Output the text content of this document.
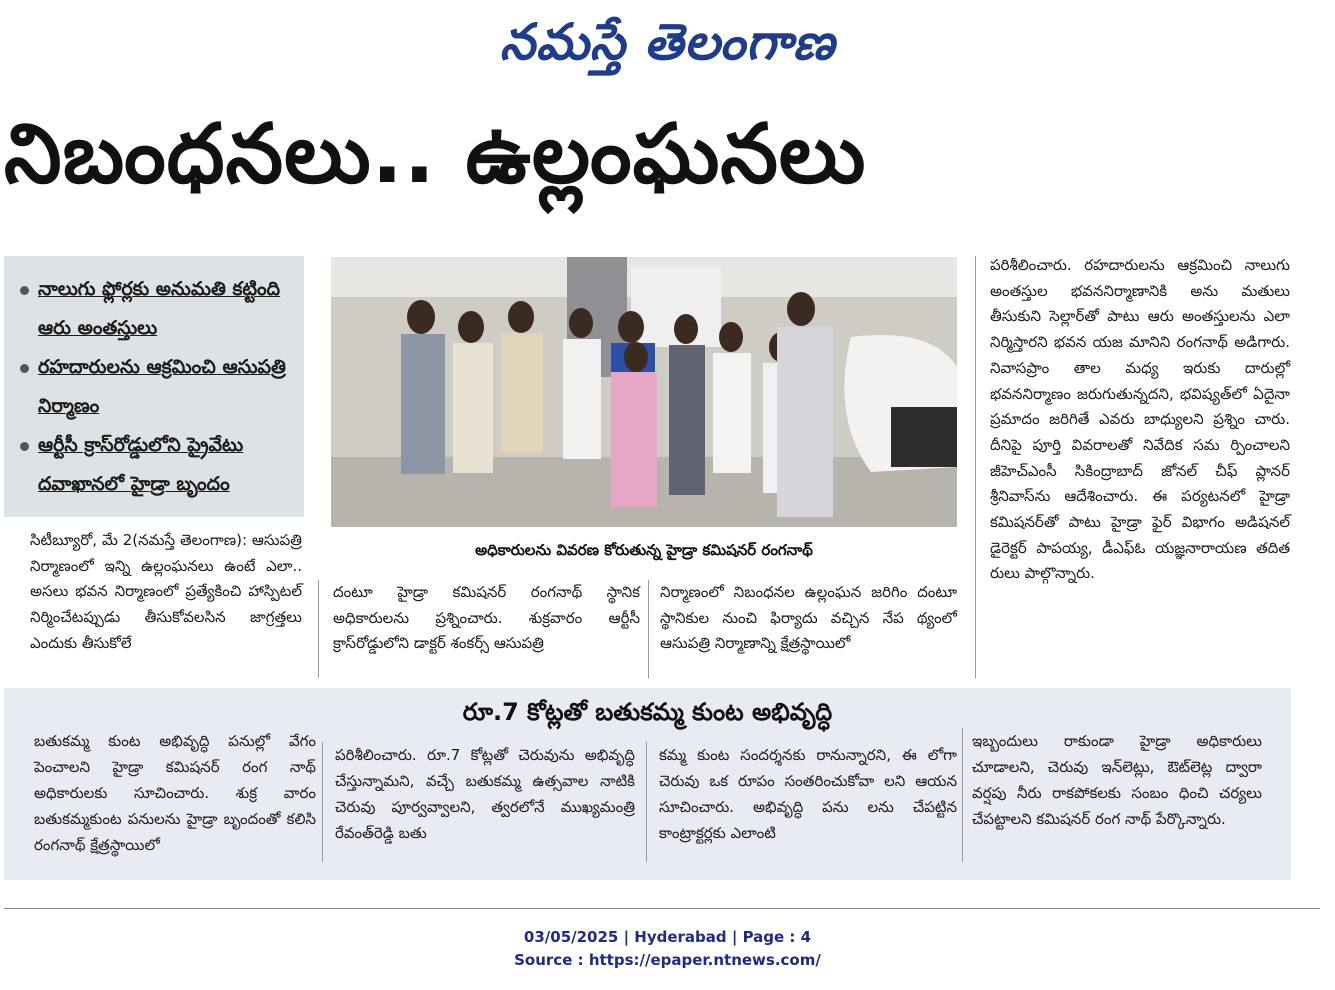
నమస్తే తెలంగాణ
నిబంధనలు.. ఉల్లంఘనలు
నాలుగు ఫ్లోర్లకు అనుమతి కట్టింది ఆరు అంతస్తులు
రహదారులను ఆక్రమించి ఆసుపత్రి నిర్మాణం
ఆర్టీసీ క్రాస్‌రోడ్డులోని ప్రైవేటు దవాఖానలో హైడ్రా బృందం
అధికారులను వివరణ కోరుతున్న హైడ్రా కమిషనర్ రంగనాథ్
సిటీబ్యూరో, మే 2(నమస్తే తెలంగాణ): ఆసుపత్రి నిర్మాణంలో ఇన్ని ఉల్లంఘనలు ఉంటే ఎలా.. అసలు భవన నిర్మాణంలో ప్రత్యేకించి హాస్పిటల్ నిర్మించేటప్పుడు తీసుకోవలసిన జాగ్రత్తలు ఎందుకు తీసుకోలే
దంటూ హైడ్రా కమిషనర్ రంగనాథ్ స్థానిక అధికారులను ప్రశ్నించారు. శుక్రవారం ఆర్టీసీ క్రాస్‌రోడ్డులోని డాక్టర్ శంకర్స్ ఆసుపత్రి
నిర్మాణంలో నిబంధనల ఉల్లంఘన జరిగిం దంటూ స్థానికుల నుంచి ఫిర్యాదు వచ్చిన నేప థ్యంలో ఆసుపత్రి నిర్మాణాన్ని క్షేత్రస్థాయిలో
పరిశీలించారు. రహదారులను ఆక్రమించి నాలుగు అంతస్తుల భవననిర్మాణానికి అను మతులు తీసుకుని సెల్లార్‌తో పాటు ఆరు అంతస్తులను ఎలా నిర్మిస్తారని భవన యజ మానిని రంగనాథ్ అడిగారు. నివాసప్రాం తాల మధ్య ఇరుకు దారుల్లో భవననిర్మాణం జరుగుతున్నదని, భవిష్యత్‌లో ఏదైనా ప్రమాదం జరిగితే ఎవరు బాధ్యులని ప్రశ్నిం చారు. దీనిపై పూర్తి వివరాలతో నివేదిక సమ ర్పించాలని జీహెచ్‌ఎంసీ సికింద్రాబాద్ జోనల్ చీఫ్ ప్లానర్ శ్రీనివాస్‌ను ఆదేశించారు. ఈ పర్యటనలో హైడ్రా కమిషనర్‌తో పాటు హైడ్రా ఫైర్ విభాగం అడిషనల్ డైరెక్టర్ పాపయ్య, డీఎఫ్‌ఓ యజ్ఞనారాయణ తదిత రులు పాల్గొన్నారు.
రూ.7 కోట్లతో బతుకమ్మ కుంట అభివృద్ధి
బతుకమ్మ కుంట అభివృద్ధి పనుల్లో వేగం పెంచాలని హైడ్రా కమిషనర్ రంగ నాథ్ అధికారులకు సూచించారు. శుక్ర వారం బతుకమ్మకుంట పనులను హైడ్రా బృందంతో కలిసి రంగనాథ్ క్షేత్రస్థాయిలో
పరిశీలించారు. రూ.7 కోట్లతో చెరువును అభివృద్ధి చేస్తున్నామని, వచ్చే బతుకమ్మ ఉత్సవాల నాటికి చెరువు పూర్వవ్వాలని, త్వరలోనే ముఖ్యమంత్రి రేవంత్‌రెడ్డి బతు
కమ్మ కుంట సందర్శనకు రానున్నారని, ఈ లోగా చెరువు ఒక రూపం సంతరించుకోవా లని ఆయన సూచించారు. అభివృద్ధి పను లను చేపట్టిన కాంట్రాక్టర్లకు ఎలాంటి
ఇబ్బందులు రాకుండా హైడ్రా అధికారులు చూడాలని, చెరువు ఇన్‌లెట్లు, ఔట్‌లెట్ల ద్వారా వర్షపు నీరు రాకపోకలకు సంబం ధించి చర్యలు చేపట్టాలని కమిషనర్ రంగ నాథ్ పేర్కొన్నారు.
03/05/2025 | Hyderabad | Page : 4
Source : https://epaper.ntnews.com/
